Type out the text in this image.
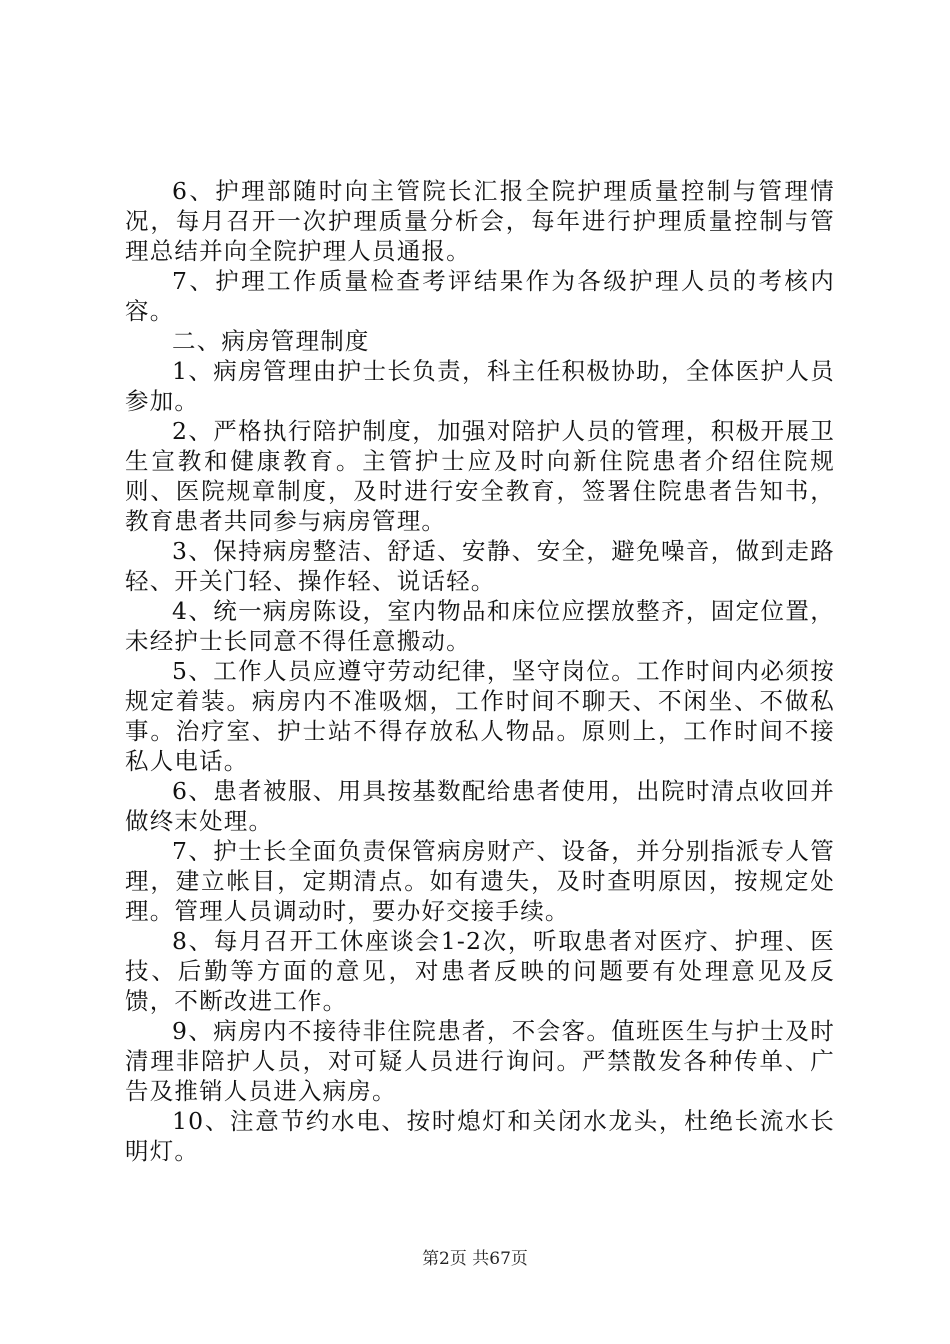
6、护理部随时向主管院长汇报全院护理质量控制与管理情况，每月召开一次护理质量分析会，每年进行护理质量控制与管理总结并向全院护理人员通报。

7、护理工作质量检查考评结果作为各级护理人员的考核内容。

二、病房管理制度

1、病房管理由护士长负责，科主任积极协助，全体医护人员参加。

2、严格执行陪护制度，加强对陪护人员的管理，积极开展卫生宣教和健康教育。主管护士应及时向新住院患者介绍住院规则、医院规章制度，及时进行安全教育，签署住院患者告知书，教育患者共同参与病房管理。

3、保持病房整洁、舒适、安静、安全，避免噪音，做到走路轻、开关门轻、操作轻、说话轻。

4、统一病房陈设，室内物品和床位应摆放整齐，固定位置，未经护士长同意不得任意搬动。

5、工作人员应遵守劳动纪律，坚守岗位。工作时间内必须按规定着装。病房内不准吸烟，工作时间不聊天、不闲坐、不做私事。治疗室、护士站不得存放私人物品。原则上，工作时间不接私人电话。

6、患者被服、用具按基数配给患者使用，出院时清点收回并做终末处理。

7、护士长全面负责保管病房财产、设备，并分别指派专人管理，建立帐目，定期清点。如有遗失，及时查明原因，按规定处理。管理人员调动时，要办好交接手续。

8、每月召开工休座谈会1-2次，听取患者对医疗、护理、医技、后勤等方面的意见，对患者反映的问题要有处理意见及反馈，不断改进工作。

9、病房内不接待非住院患者，不会客。值班医生与护士及时清理非陪护人员，对可疑人员进行询问。严禁散发各种传单、广告及推销人员进入病房。

10、注意节约水电、按时熄灯和关闭水龙头，杜绝长流水长明灯。

第2页 共67页
